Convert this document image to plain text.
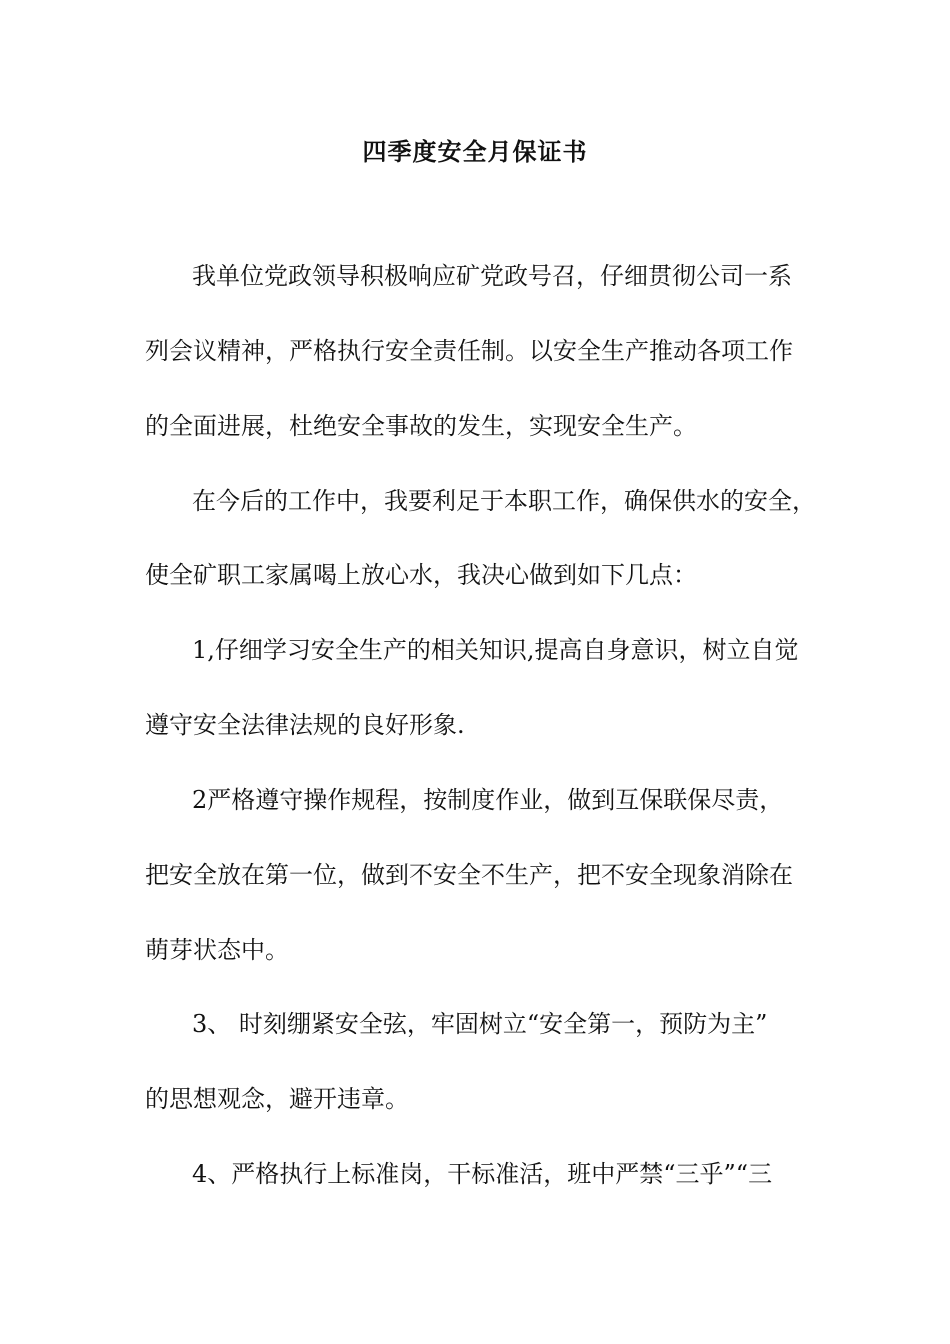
四季度安全月保证书

我单位党政领导积极响应矿党政号召，仔细贯彻公司一系

列会议精神，严格执行安全责任制。以安全生产推动各项工作

的全面进展，杜绝安全事故的发生，实现安全生产。

在今后的工作中，我要利足于本职工作，确保供水的安全，

使全矿职工家属喝上放心水，我决心做到如下几点：

1,仔细学习安全生产的相关知识,提高自身意识，树立自觉

遵守安全法律法规的良好形象.

2严格遵守操作规程，按制度作业，做到互保联保尽责，

把安全放在第一位，做到不安全不生产，把不安全现象消除在

萌芽状态中。

3、 时刻绷紧安全弦，牢固树立“安全第一，预防为主”

的思想观念，避开违章。

4、严格执行上标准岗，干标准活，班中严禁“三乎”“三
